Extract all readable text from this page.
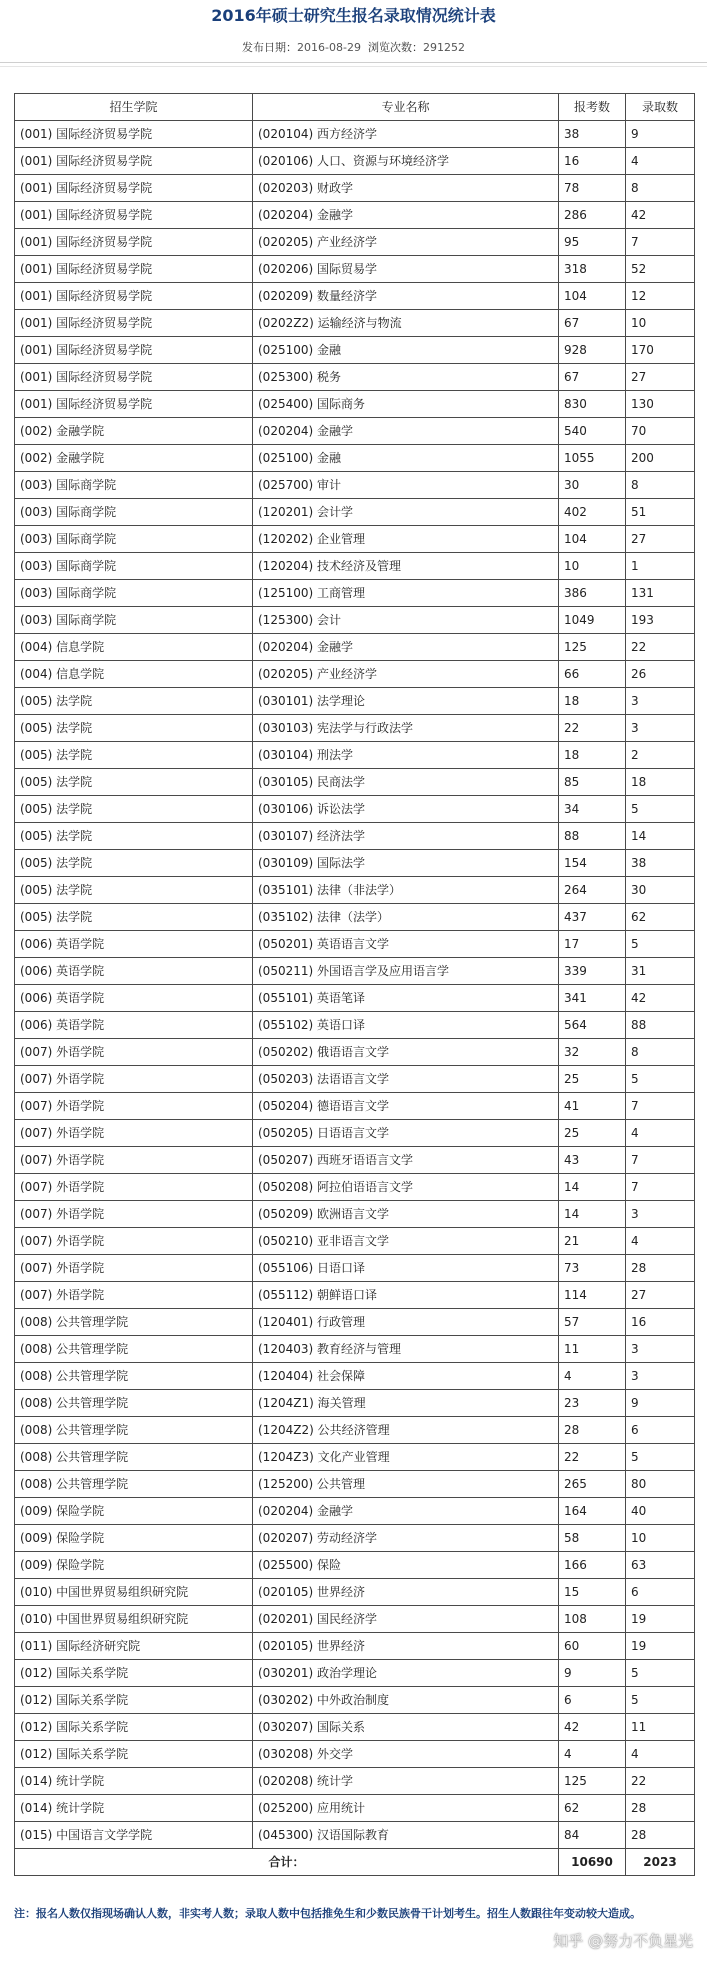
2016年硕士研究生报名录取情况统计表
发布日期：2016-08-29 浏览次数：291252
招生学院	专业名称	报考数	录取数
(001) 国际经济贸易学院	(020104) 西方经济学	38	9
(001) 国际经济贸易学院	(020106) 人口、资源与环境经济学	16	4
(001) 国际经济贸易学院	(020203) 财政学	78	8
(001) 国际经济贸易学院	(020204) 金融学	286	42
(001) 国际经济贸易学院	(020205) 产业经济学	95	7
(001) 国际经济贸易学院	(020206) 国际贸易学	318	52
(001) 国际经济贸易学院	(020209) 数量经济学	104	12
(001) 国际经济贸易学院	(0202Z2) 运输经济与物流	67	10
(001) 国际经济贸易学院	(025100) 金融	928	170
(001) 国际经济贸易学院	(025300) 税务	67	27
(001) 国际经济贸易学院	(025400) 国际商务	830	130
(002) 金融学院	(020204) 金融学	540	70
(002) 金融学院	(025100) 金融	1055	200
(003) 国际商学院	(025700) 审计	30	8
(003) 国际商学院	(120201) 会计学	402	51
(003) 国际商学院	(120202) 企业管理	104	27
(003) 国际商学院	(120204) 技术经济及管理	10	1
(003) 国际商学院	(125100) 工商管理	386	131
(003) 国际商学院	(125300) 会计	1049	193
(004) 信息学院	(020204) 金融学	125	22
(004) 信息学院	(020205) 产业经济学	66	26
(005) 法学院	(030101) 法学理论	18	3
(005) 法学院	(030103) 宪法学与行政法学	22	3
(005) 法学院	(030104) 刑法学	18	2
(005) 法学院	(030105) 民商法学	85	18
(005) 法学院	(030106) 诉讼法学	34	5
(005) 法学院	(030107) 经济法学	88	14
(005) 法学院	(030109) 国际法学	154	38
(005) 法学院	(035101) 法律（非法学）	264	30
(005) 法学院	(035102) 法律（法学）	437	62
(006) 英语学院	(050201) 英语语言文学	17	5
(006) 英语学院	(050211) 外国语言学及应用语言学	339	31
(006) 英语学院	(055101) 英语笔译	341	42
(006) 英语学院	(055102) 英语口译	564	88
(007) 外语学院	(050202) 俄语语言文学	32	8
(007) 外语学院	(050203) 法语语言文学	25	5
(007) 外语学院	(050204) 德语语言文学	41	7
(007) 外语学院	(050205) 日语语言文学	25	4
(007) 外语学院	(050207) 西班牙语语言文学	43	7
(007) 外语学院	(050208) 阿拉伯语语言文学	14	7
(007) 外语学院	(050209) 欧洲语言文学	14	3
(007) 外语学院	(050210) 亚非语言文学	21	4
(007) 外语学院	(055106) 日语口译	73	28
(007) 外语学院	(055112) 朝鲜语口译	114	27
(008) 公共管理学院	(120401) 行政管理	57	16
(008) 公共管理学院	(120403) 教育经济与管理	11	3
(008) 公共管理学院	(120404) 社会保障	4	3
(008) 公共管理学院	(1204Z1) 海关管理	23	9
(008) 公共管理学院	(1204Z2) 公共经济管理	28	6
(008) 公共管理学院	(1204Z3) 文化产业管理	22	5
(008) 公共管理学院	(125200) 公共管理	265	80
(009) 保险学院	(020204) 金融学	164	40
(009) 保险学院	(020207) 劳动经济学	58	10
(009) 保险学院	(025500) 保险	166	63
(010) 中国世界贸易组织研究院	(020105) 世界经济	15	6
(010) 中国世界贸易组织研究院	(020201) 国民经济学	108	19
(011) 国际经济研究院	(020105) 世界经济	60	19
(012) 国际关系学院	(030201) 政治学理论	9	5
(012) 国际关系学院	(030202) 中外政治制度	6	5
(012) 国际关系学院	(030207) 国际关系	42	11
(012) 国际关系学院	(030208) 外交学	4	4
(014) 统计学院	(020208) 统计学	125	22
(014) 统计学院	(025200) 应用统计	62	28
(015) 中国语言文学学院	(045300) 汉语国际教育	84	28
合计：		10690	2023
注：报名人数仅指现场确认人数，非实考人数；录取人数中包括推免生和少数民族骨干计划考生。招生人数跟往年变动较大造成。
知乎 @努力不负星光
